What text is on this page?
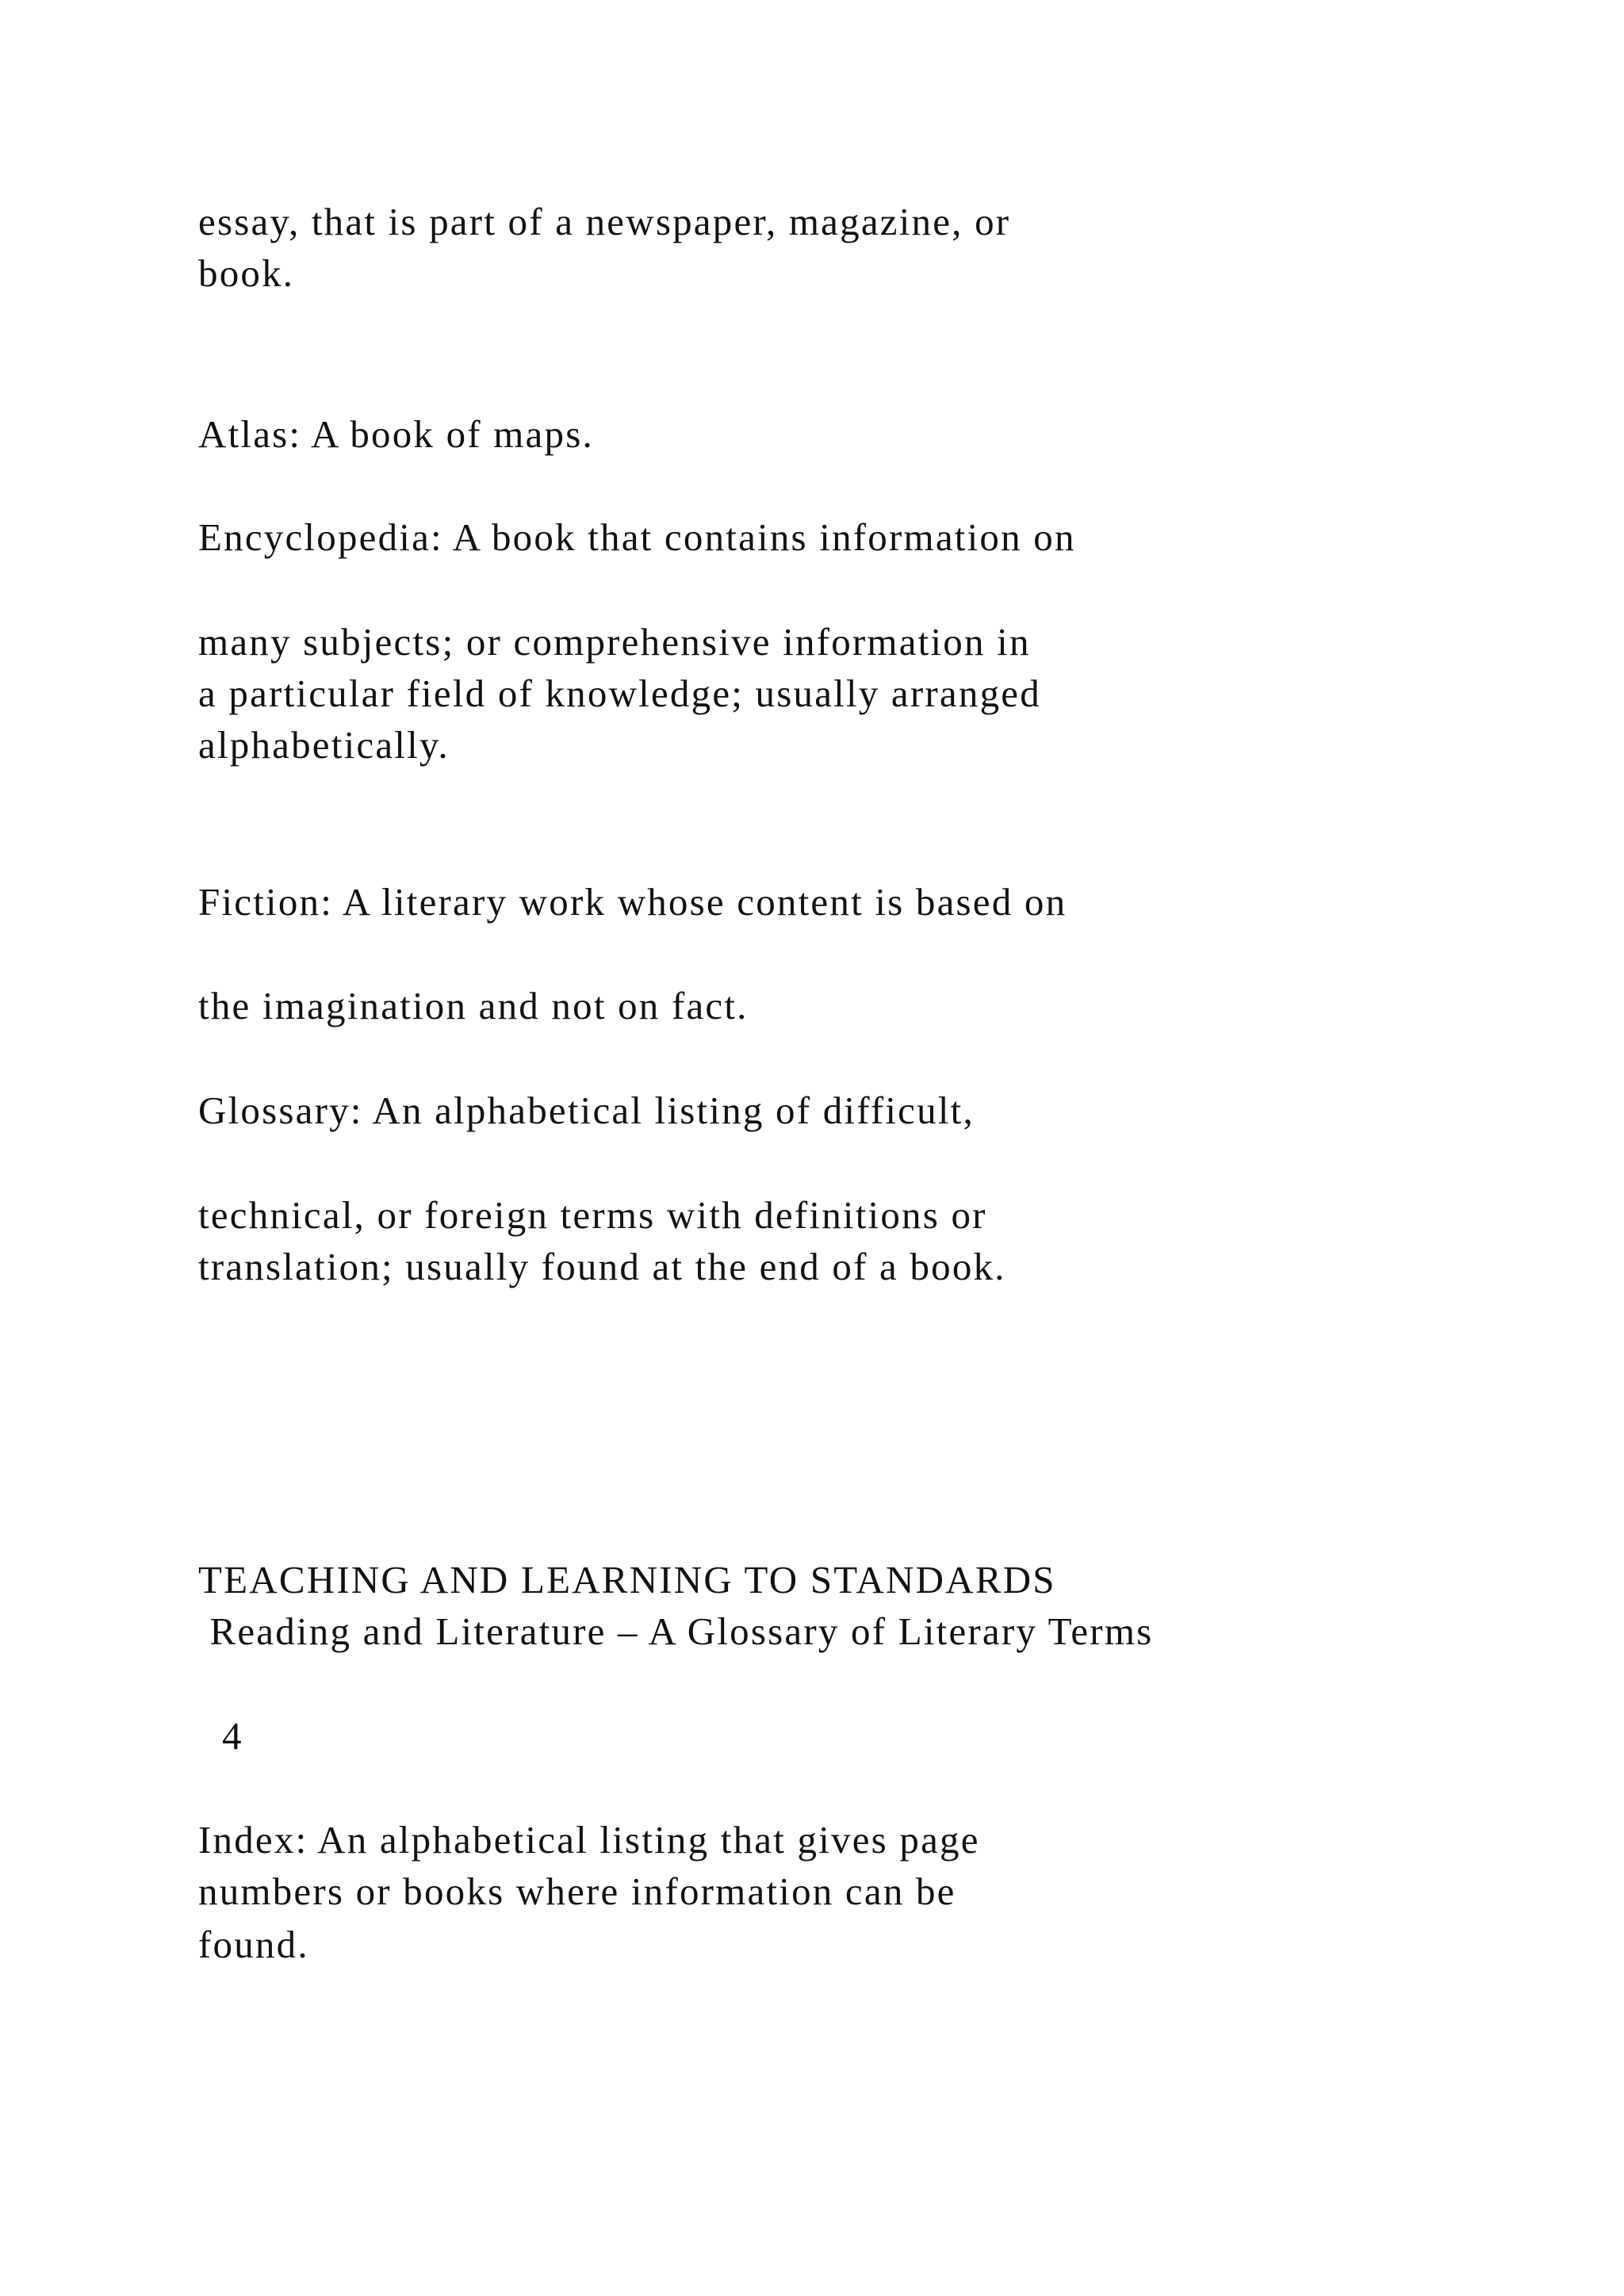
essay, that is part of a newspaper, magazine, or
book.
Atlas: A book of maps.
Encyclopedia: A book that contains information on
many subjects; or comprehensive information in
a particular field of knowledge; usually arranged
alphabetically.
Fiction: A literary work whose content is based on
the imagination and not on fact.
Glossary: An alphabetical listing of difficult,
technical, or foreign terms with definitions or
translation; usually found at the end of a book.
TEACHING AND LEARNING TO STANDARDS
Reading and Literature – A Glossary of Literary Terms
4
Index: An alphabetical listing that gives page
numbers or books where information can be
found.
